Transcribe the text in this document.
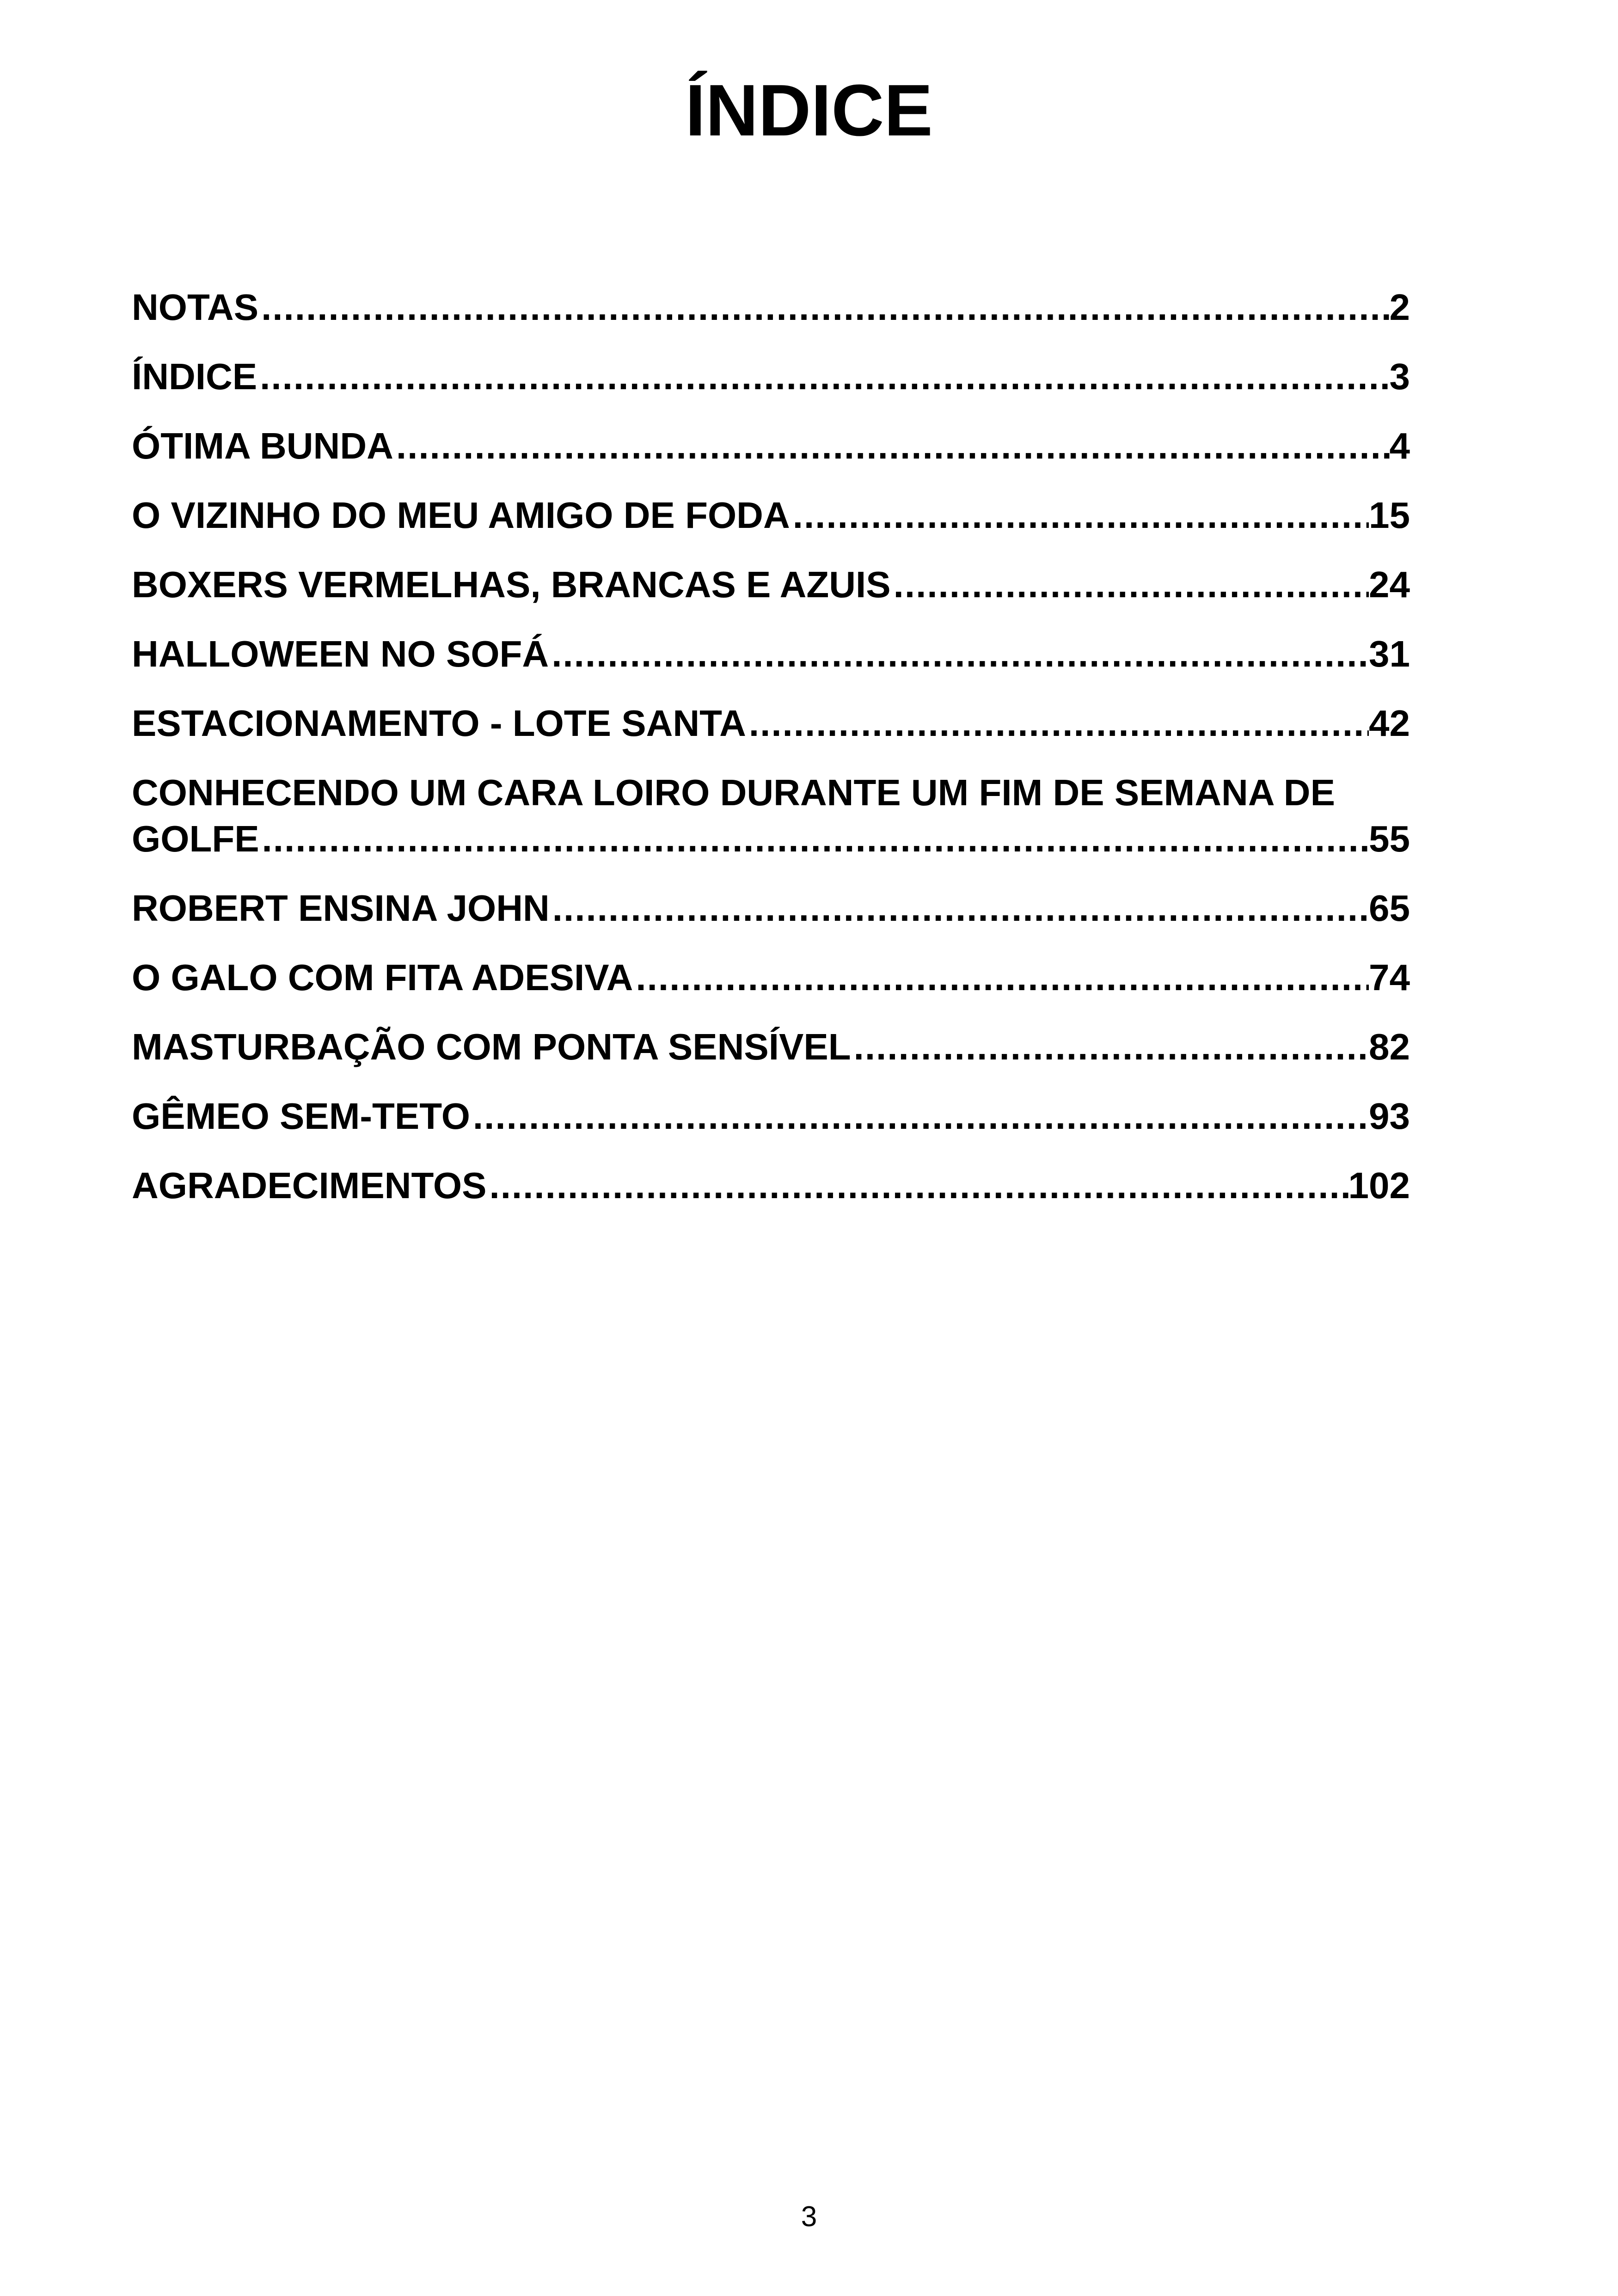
ÍNDICE
NOTAS .....	2
ÍNDICE .....	3
ÓTIMA BUNDA .....	4
O VIZINHO DO MEU AMIGO DE FODA .....	15
BOXERS VERMELHAS, BRANCAS E AZUIS .....	24
HALLOWEEN NO SOFÁ .....	31
ESTACIONAMENTO - LOTE SANTA .....	42
CONHECENDO UM CARA LOIRO DURANTE UM FIM DE SEMANA DE
GOLFE .....	55
ROBERT ENSINA JOHN .....	65
O GALO COM FITA ADESIVA .....	74
MASTURBAÇÃO COM PONTA SENSÍVEL .....	82
GÊMEO SEM-TETO .....	93
AGRADECIMENTOS .....	102
3
